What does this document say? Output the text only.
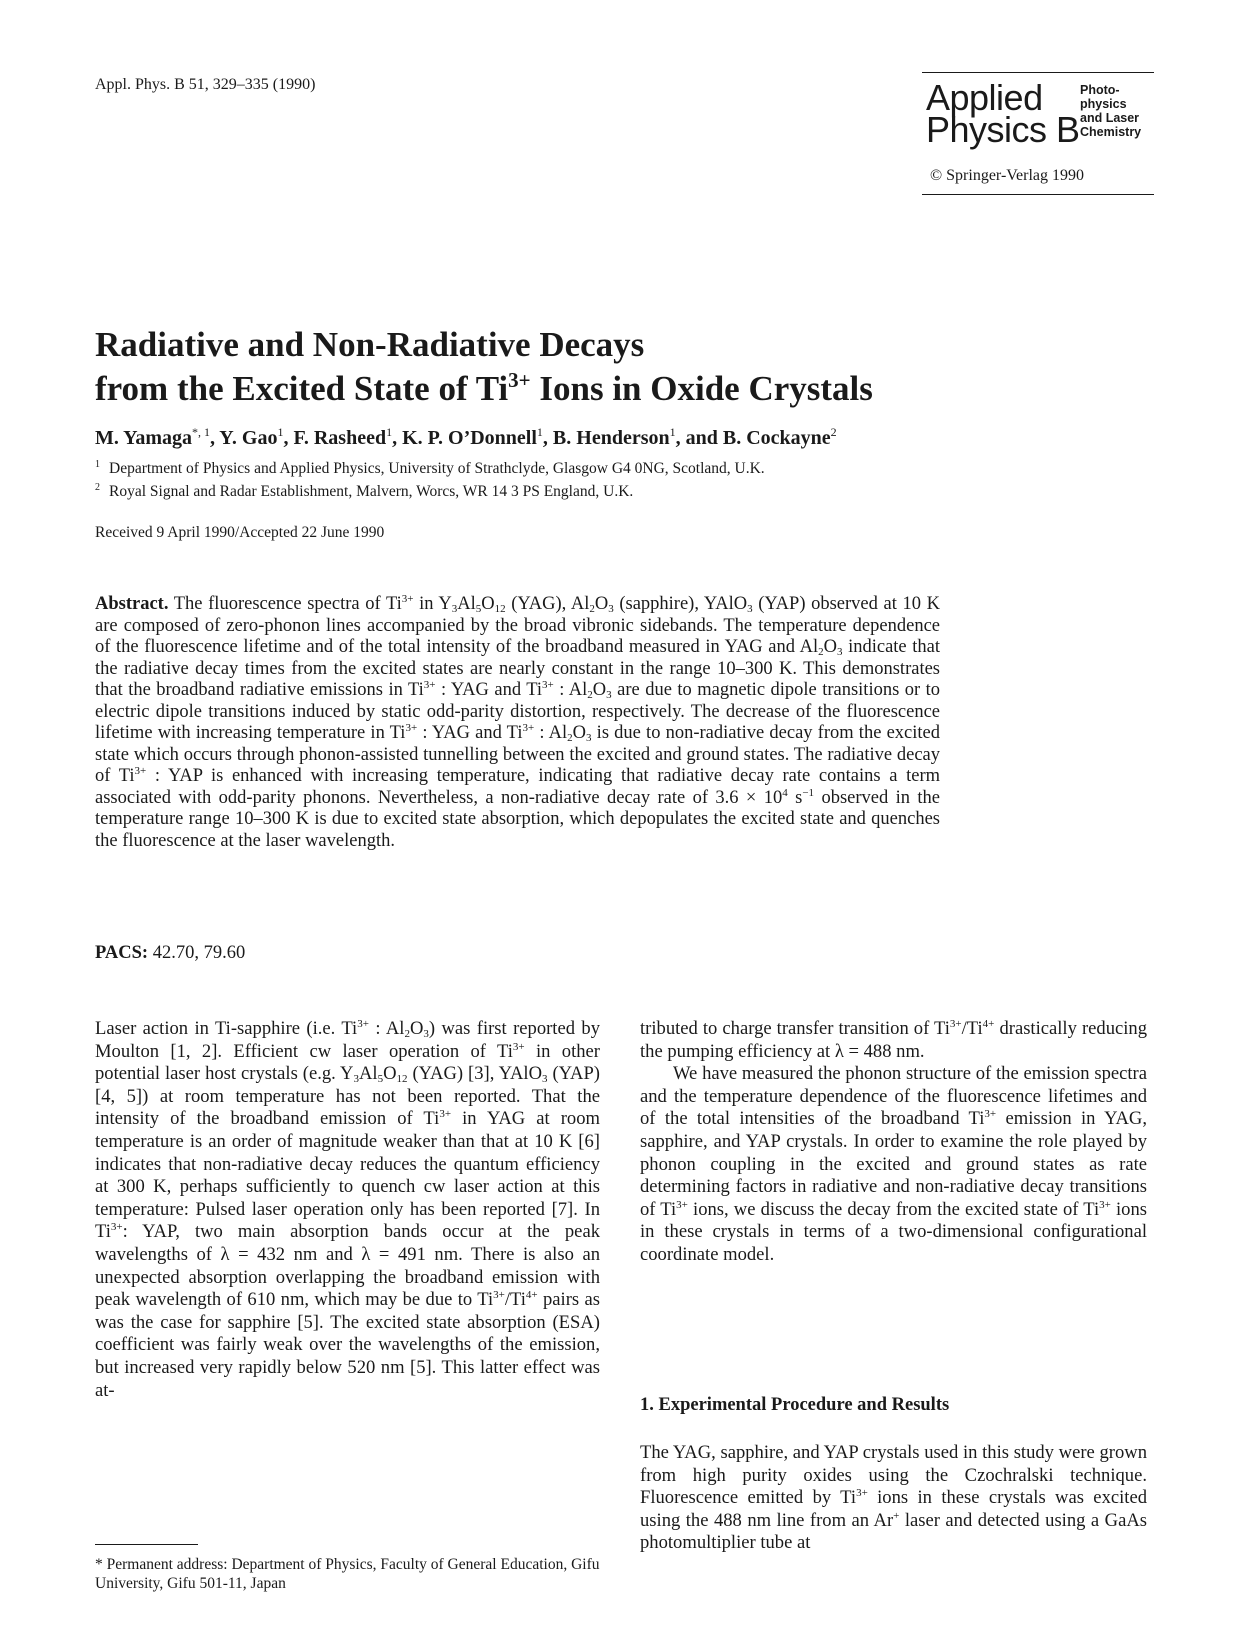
Appl. Phys. B 51, 329–335 (1990)	Applied
Physics B
Photo-
physics
and Laser
Chemistry
© Springer-Verlag 1990
Radiative and Non-Radiative Decays
from the Excited State of $Ti^{3+}$ Ions in Oxide Crystals
M. Yamaga$^{*, 1}$, Y. Gao$^1$, F. Rasheed$^1$, K. P. O’Donnell$^1$, B. Henderson$^1$, and B. Cockayne$^2$
$^1$ Department of Physics and Applied Physics, University of Strathclyde, Glasgow G4 0NG, Scotland, U.K.
$^2$ Royal Signal and Radar Establishment, Malvern, Worcs, WR 14 3 PS England, U.K.
Received 9 April 1990/Accepted 22 June 1990
Abstract. The fluorescence spectra of $Ti^{3+}$ in $Y_3Al_5O_{12}$ (YAG), $Al_2O_3$ (sapphire), YAlO$_3$ (YAP) observed at 10 K are composed of zero-phonon lines accompanied by the broad vibronic sidebands. The temperature dependence of the fluorescence lifetime and of the total intensity of the broadband measured in YAG and $Al_2O_3$ indicate that the radiative decay times from the excited states are nearly constant in the range 10–300 K. This demonstrates that the broadband radiative emissions in $Ti^{3+}$ : YAG and $Ti^{3+}$ : $Al_2O_3$ are due to magnetic dipole transitions or to electric dipole transitions induced by static odd-parity distortion, respectively. The decrease of the fluorescence lifetime with increasing temperature in $Ti^{3+}$ : YAG and $Ti^{3+}$ : $Al_2O_3$ is due to non-radiative decay from the excited state which occurs through phonon-assisted tunnelling between the excited and ground states. The radiative decay of $Ti^{3+}$ : YAP is enhanced with increasing temperature, indicating that radiative decay rate contains a term associated with odd-parity phonons. Nevertheless, a non-radiative decay rate of $3.6 \times 10^4$ $s^{-1}$ observed in the temperature range 10–300 K is due to excited state absorption, which depopulates the excited state and quenches the fluorescence at the laser wavelength.
PACS: 42.70, 79.60

Laser action in Ti-sapphire (i.e. $Ti^{3+}$ : $Al_2O_3$) was first reported by Moulton [1, 2]. Efficient cw laser operation of $Ti^{3+}$ in other potential laser host crystals (e.g. $Y_3Al_5O_{12}$ (YAG) [3], YAlO$_3$ (YAP) [4, 5]) at room temperature has not been reported. That the intensity of the broadband emission of $Ti^{3+}$ in YAG at room temperature is an order of magnitude weaker than that at 10 K [6] indicates that non-radiative decay reduces the quantum efficiency at 300 K, perhaps sufficiently to quench cw laser action at this temperature: Pulsed laser operation only has been reported [7]. In $Ti^{3+}$: YAP, two main absorption bands occur at the peak wavelengths of λ = 432 nm and λ = 491 nm. There is also an unexpected absorption overlapping the broadband emission with peak wavelength of 610 nm, which may be due to $Ti^{3+}/Ti^{4+}$ pairs as was the case for sapphire [5]. The excited state absorption (ESA) coefficient was fairly weak over the wavelengths of the emission, but increased very rapidly below 520 nm [5]. This latter effect was at-

tributed to charge transfer transition of $Ti^{3+}/Ti^{4+}$ drastically reducing the pumping efficiency at λ = 488 nm.

We have measured the phonon structure of the emission spectra and the temperature dependence of the fluorescence lifetimes and of the total intensities of the broadband $Ti^{3+}$ emission in YAG, sapphire, and YAP crystals. In order to examine the role played by phonon coupling in the excited and ground states as rate determining factors in radiative and non-radiative decay transitions of $Ti^{3+}$ ions, we discuss the decay from the excited state of $Ti^{3+}$ ions in these crystals in terms of a two-dimensional configurational coordinate model.

1. Experimental Procedure and Results

The YAG, sapphire, and YAP crystals used in this study were grown from high purity oxides using the Czochralski technique. Fluorescence emitted by $Ti^{3+}$ ions in these crystals was excited using the 488 nm line from an Ar+ laser and detected using a GaAs photomultiplier tube at

* Permanent address: Department of Physics, Faculty of General Education, Gifu University, Gifu 501-11, Japan
